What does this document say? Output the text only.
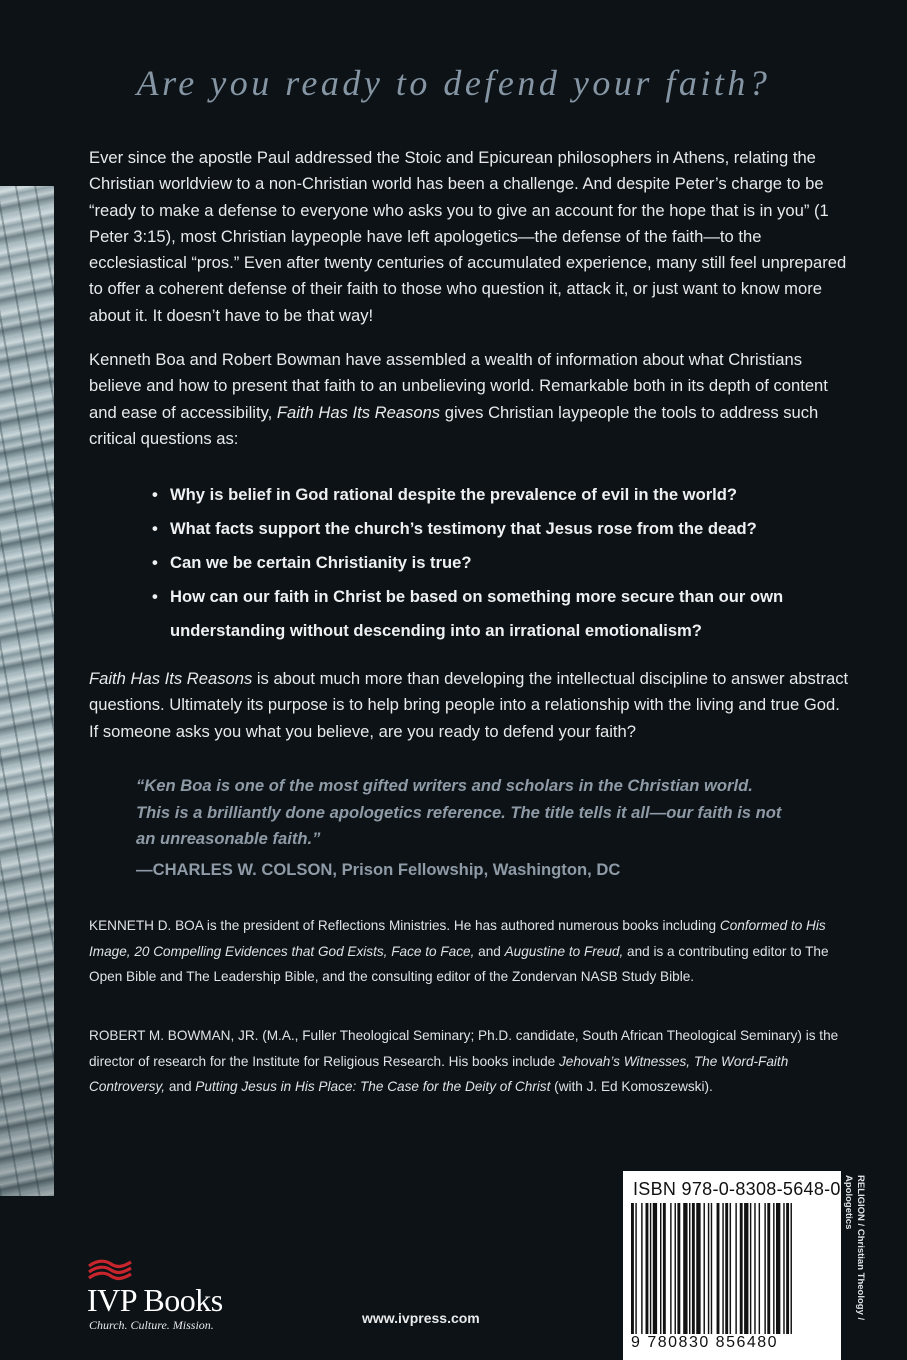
Are you ready to defend your faith?

Ever since the apostle Paul addressed the Stoic and Epicurean philosophers in Athens, relating the Christian worldview to a non-Christian world has been a challenge. And despite Peter’s charge to be “ready to make a defense to everyone who asks you to give an account for the hope that is in you” (1 Peter 3:15), most Christian laypeople have left apologetics—the defense of the faith—to the ecclesiastical “pros.” Even after twenty centuries of accumulated experience, many still feel unprepared to offer a coherent defense of their faith to those who question it, attack it, or just want to know more about it. It doesn’t have to be that way!

Kenneth Boa and Robert Bowman have assembled a wealth of information about what Christians believe and how to present that faith to an unbelieving world. Remarkable both in its depth of content and ease of accessibility, Faith Has Its Reasons gives Christian laypeople the tools to address such critical questions as:

• Why is belief in God rational despite the prevalence of evil in the world?
• What facts support the church’s testimony that Jesus rose from the dead?
• Can we be certain Christianity is true?
• How can our faith in Christ be based on something more secure than our own understanding without descending into an irrational emotionalism?

Faith Has Its Reasons is about much more than developing the intellectual discipline to answer abstract questions. Ultimately its purpose is to help bring people into a relationship with the living and true God. If someone asks you what you believe, are you ready to defend your faith?

“Ken Boa is one of the most gifted writers and scholars in the Christian world. This is a brilliantly done apologetics reference. The title tells it all—our faith is not an unreasonable faith.”

—CHARLES W. COLSON, Prison Fellowship, Washington, DC

KENNETH D. BOA is the president of Reflections Ministries. He has authored numerous books including Conformed to His Image, 20 Compelling Evidences that God Exists, Face to Face, and Augustine to Freud, and is a contributing editor to The Open Bible and The Leadership Bible, and the consulting editor of the Zondervan NASB Study Bible.

ROBERT M. BOWMAN, JR. (M.A., Fuller Theological Seminary; Ph.D. candidate, South African Theological Seminary) is the director of research for the Institute for Religious Research. His books include Jehovah’s Witnesses, The Word-Faith Controversy, and Putting Jesus in His Place: The Case for the Deity of Christ (with J. Ed Komoszewski).

ISBN 978-0-8308-5648-0
9 780830 856480
RELIGION / Christian Theology /
Apologetics
IVP Books
Church. Culture. Mission.	www.ivpress.com
